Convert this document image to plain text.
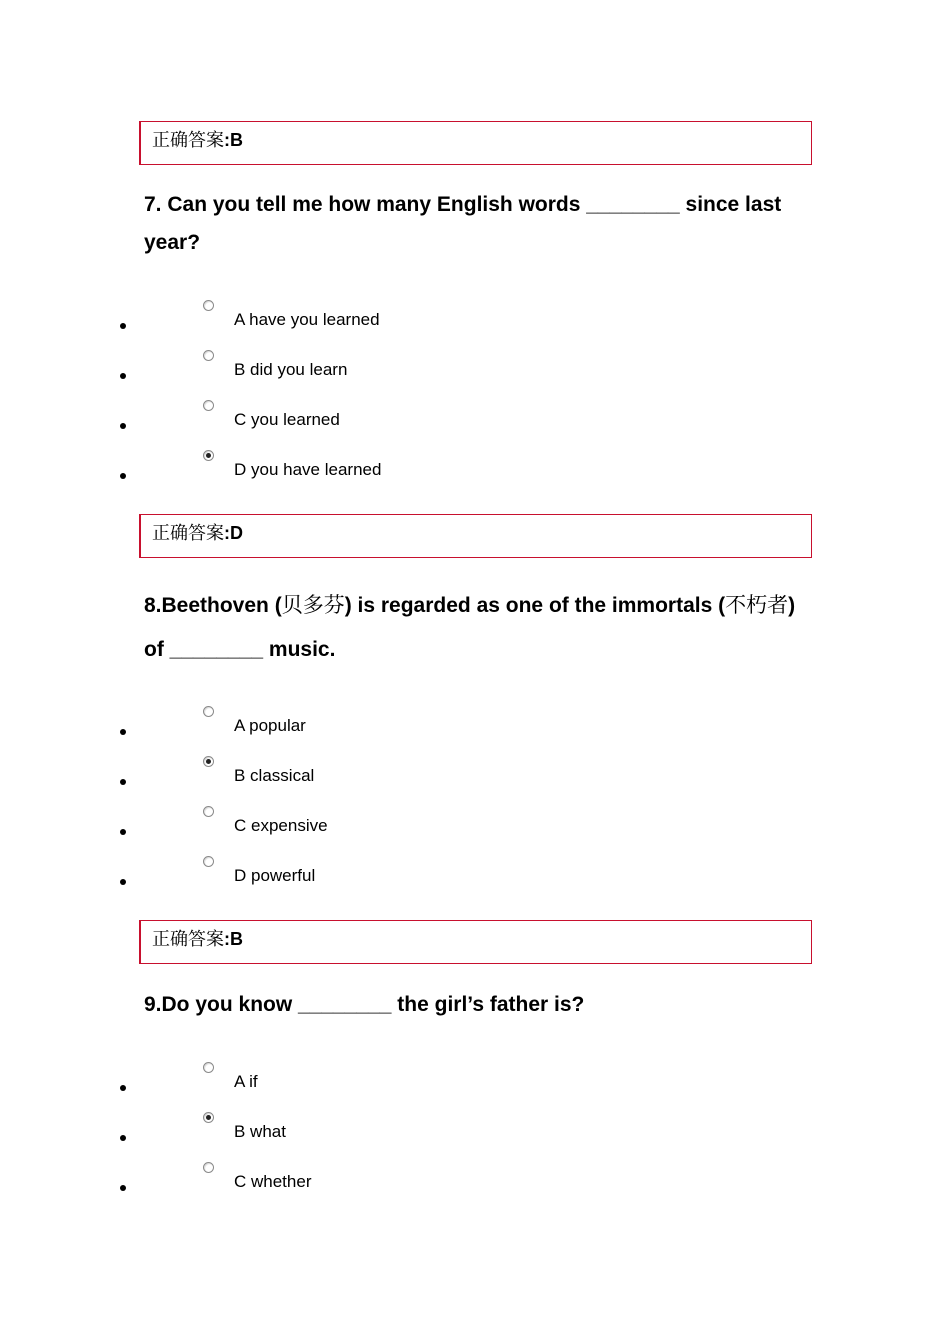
正确答案:B

7. Can you tell me how many English words ________ since last year?

A have you learned
B did you learn
C you learned
D you have learned
正确答案:D

8.Beethoven (贝多芬) is regarded as one of the immortals (不朽者)
of ________ music.

A popular
B classical
C expensive
D powerful
正确答案:B

9.Do you know ________ the girl’s father is?

A if
B what
C whether
